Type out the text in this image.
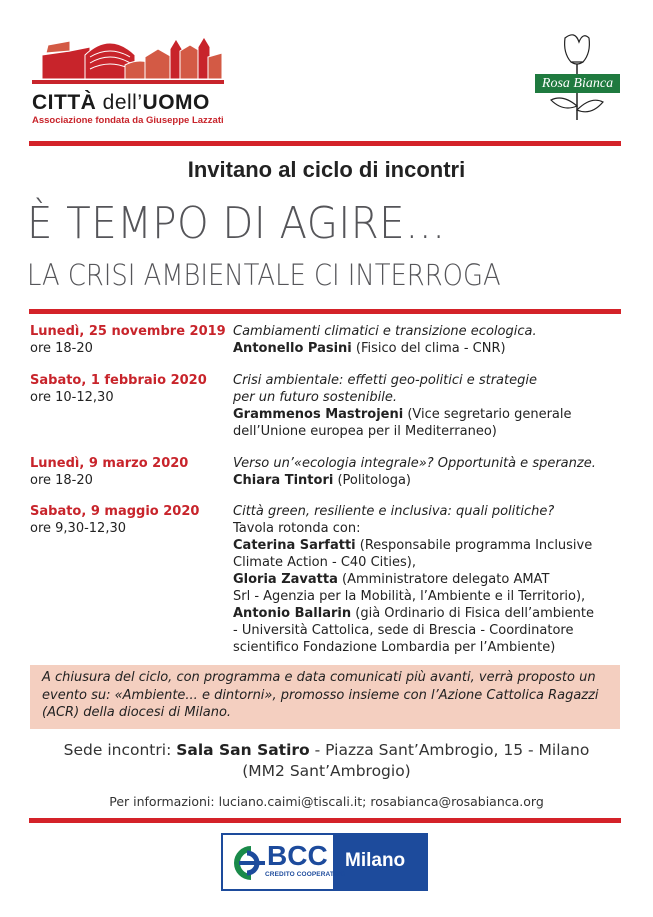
CITTÀ dell’UOMO
Associazione fondata da Giuseppe Lazzati
Rosa Bianca
Invitano al ciclo di incontri
È TEMPO DI AGIRE…
LA CRISI AMBIENTALE CI INTERROGA
Lunedì, 25 novembre 2019
ore 18-20
Cambiamenti climatici e transizione ecologica.
Antonello Pasini (Fisico del clima - CNR)
Sabato, 1 febbraio 2020
ore 10-12,30
Crisi ambientale: effetti geo-politici e strategie
per un futuro sostenibile.
Grammenos Mastrojeni (Vice segretario generale
dell’Unione europea per il Mediterraneo)
Lunedì, 9 marzo 2020
ore 18-20
Verso un’«ecologia integrale»? Opportunità e speranze.
Chiara Tintori (Politologa)
Sabato, 9 maggio 2020
ore 9,30-12,30
Città green, resiliente e inclusiva: quali politiche?
Tavola rotonda con:
Caterina Sarfatti (Responsabile programma Inclusive
Climate Action - C40 Cities),
Gloria Zavatta (Amministratore delegato AMAT
Srl - Agenzia per la Mobilità, l’Ambiente e il Territorio),
Antonio Ballarin (già Ordinario di Fisica dell’ambiente
- Università Cattolica, sede di Brescia - Coordinatore
scientifico Fondazione Lombardia per l’Ambiente)
A chiusura del ciclo, con programma e data comunicati più avanti, verrà proposto un
evento su: «Ambiente... e dintorni», promosso insieme con l’Azione Cattolica Ragazzi
(ACR) della diocesi di Milano.
Sede incontri: Sala San Satiro - Piazza Sant’Ambrogio, 15 - Milano
(MM2 Sant’Ambrogio)
Per informazioni: luciano.caimi@tiscali.it; rosabianca@rosabianca.org
BCC
CREDITO COOPERATIVO
Milano
